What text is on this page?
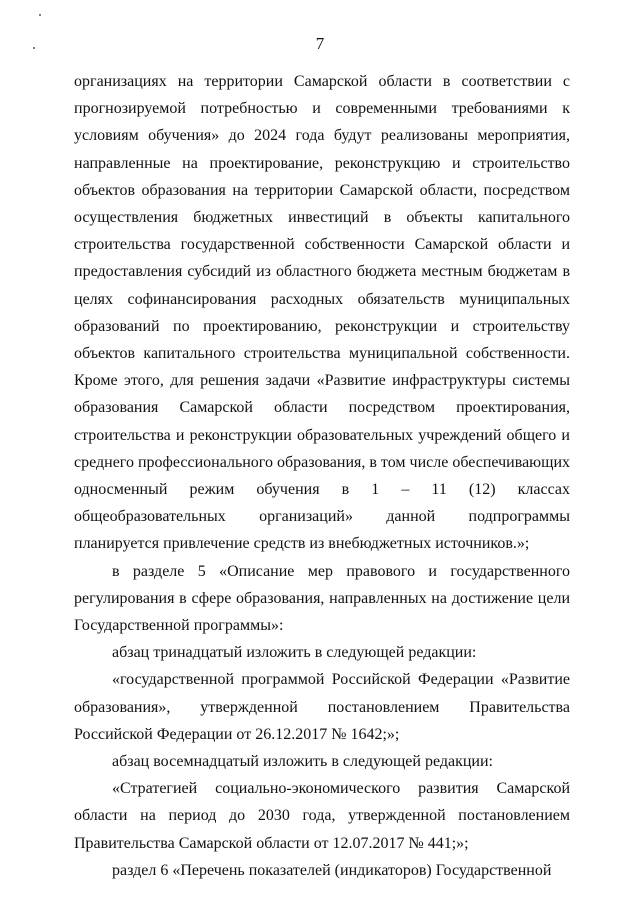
7

организациях на территории Самарской области в соответствии с прогнозируемой потребностью и современными требованиями к условиям обучения» до 2024 года будут реализованы мероприятия, направленные на проектирование, реконструкцию и строительство объектов образования на территории Самарской области, посредством осуществления бюджетных инвестиций в объекты капитального строительства государственной собственности Самарской области и предоставления субсидий из областного бюджета местным бюджетам в целях софинансирования расходных обязательств муниципальных образований по проектированию, реконструкции и строительству объектов капитального строительства муниципальной собственности. Кроме этого, для решения задачи «Развитие инфраструктуры системы образования Самарской области посредством проектирования, строительства и реконструкции образовательных учреждений общего и среднего профессионального образования, в том числе обеспечивающих односменный режим обучения в 1 – 11 (12) классах общеобразовательных организаций» данной подпрограммы планируется привлечение средств из внебюджетных источников.»;

в разделе 5 «Описание мер правового и государственного регулирования в сфере образования, направленных на достижение цели Государственной программы»:

абзац тринадцатый изложить в следующей редакции:

«государственной программой Российской Федерации «Развитие образования», утвержденной постановлением Правительства Российской Федерации от 26.12.2017 № 1642;»;

абзац восемнадцатый изложить в следующей редакции:

«Стратегией социально-экономического развития Самарской области на период до 2030 года, утвержденной постановлением Правительства Самарской области от 12.07.2017 № 441;»;

раздел 6 «Перечень показателей (индикаторов) Государственной
